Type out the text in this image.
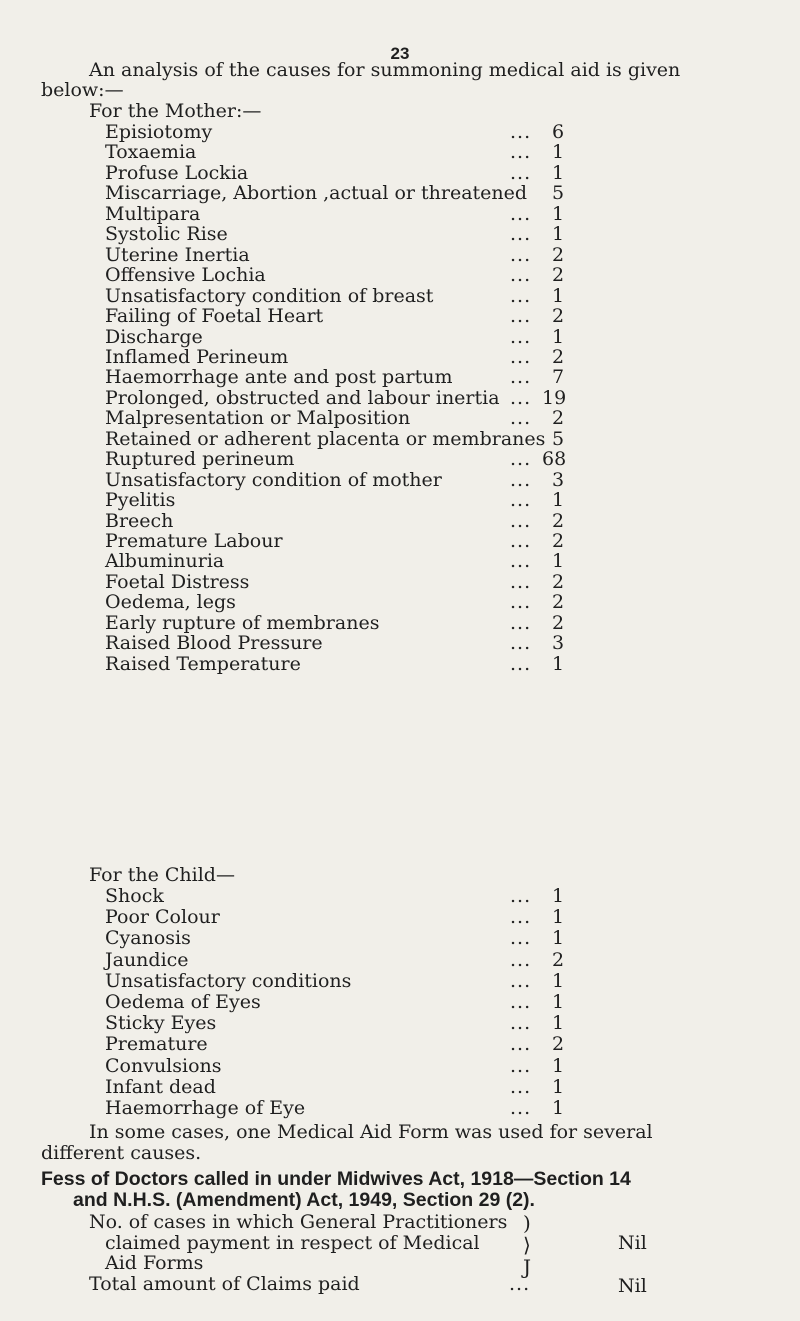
23
An analysis of the causes for summoning medical aid is given
below:—
For the Mother:—
Episiotomy	... 6
Toxaemia	... 1
Profuse Lockia	... 1
Miscarriage, Abortion ,actual or threatened 5
Multipara	... 1
Systolic Rise	... 1
Uterine Inertia	... 2
Offensive Lochia	... 2
Unsatisfactory condition of breast	... 1
Failing of Foetal Heart	... 2
Discharge	... 1
Inflamed Perineum	... 2
Haemorrhage ante and post partum	... 7
Prolonged, obstructed and labour inertia ... 19
Malpresentation or Malposition	... 2
Retained or adherent placenta or membranes 5
Ruptured perineum	... 68
Unsatisfactory condition of mother	... 3
Pyelitis	... 1
Breech	... 2
Premature Labour	... 2
Albuminuria	... 1
Foetal Distress	... 2
Oedema, legs	... 2
Early rupture of membranes	... 2
Raised Blood Pressure	... 3
Raised Temperature	... 1
For the Child—
Shock	... 1
Poor Colour	... 1
Cyanosis	... 1
Jaundice	... 2
Unsatisfactory conditions	... 1
Oedema of Eyes	... 1
Sticky Eyes	... 1
Premature	... 2
Convulsions	... 1
Infant dead	... 1
Haemorrhage of Eye	... 1
In some cases, one Medical Aid Form was used for several
different causes.
Fess of Doctors called in under Midwives Act, 1918—Section 14
and N.H.S. (Amendment) Act, 1949, Section 29 (2).
No. of cases in which General Practitioners
claimed payment in respect of Medical
Aid Forms
)
⟩
J
Nil
Total amount of Claims paid	...	Nil
